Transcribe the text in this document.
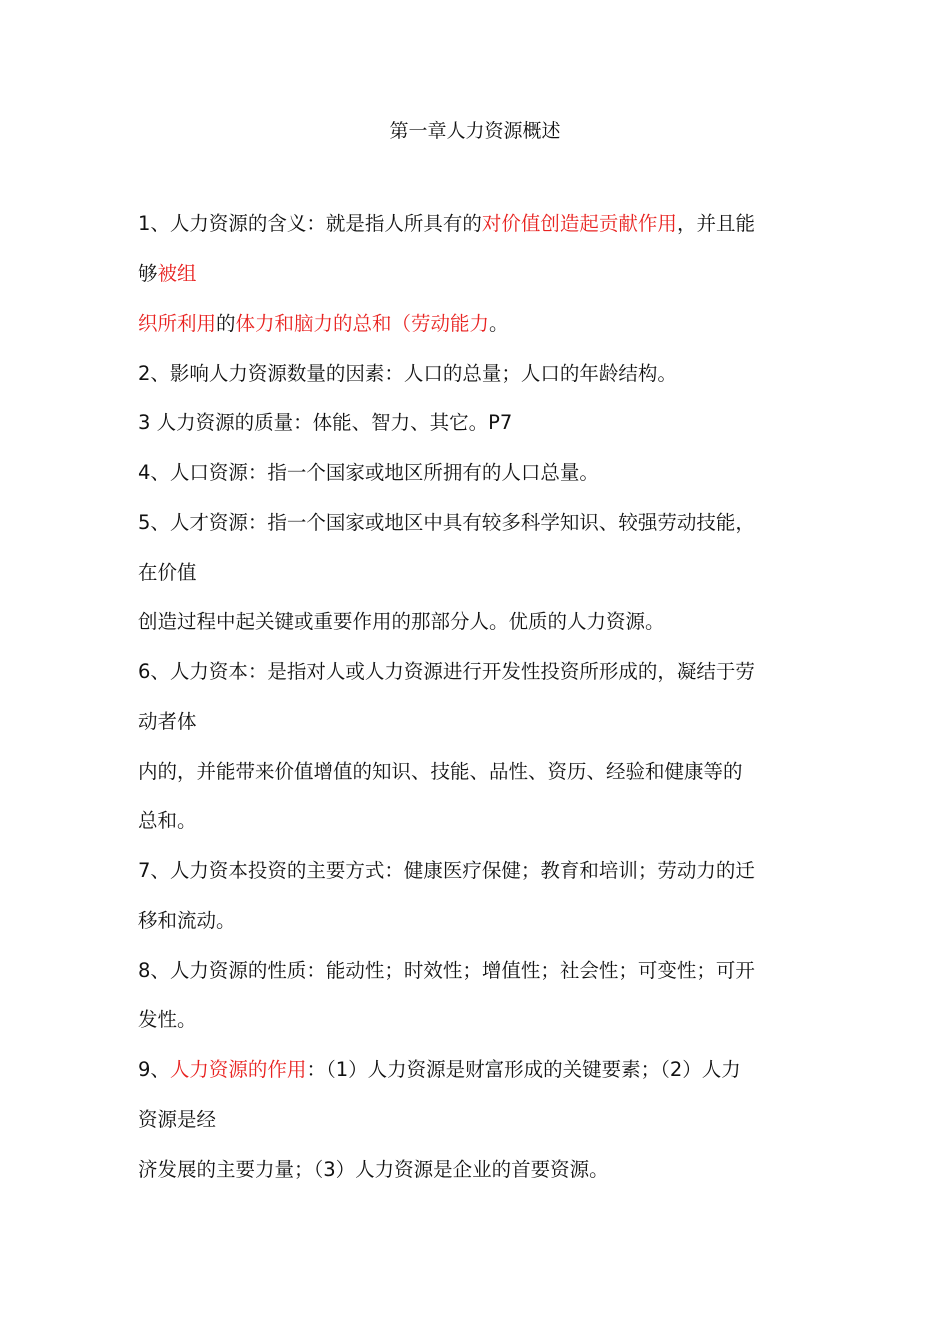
第一章人力资源概述
1、人力资源的含义：就是指人所具有的对价值创造起贡献作用，并且能
够被组
织所利用的体力和脑力的总和（劳动能力。
2、影响人力资源数量的因素：人口的总量；人口的年龄结构。
3 人力资源的质量：体能、智力、其它。P7
4、人口资源：指一个国家或地区所拥有的人口总量。
5、人才资源：指一个国家或地区中具有较多科学知识、较强劳动技能，
在价值
创造过程中起关键或重要作用的那部分人。优质的人力资源。
6、人力资本：是指对人或人力资源进行开发性投资所形成的，凝结于劳
动者体
内的，并能带来价值增值的知识、技能、品性、资历、经验和健康等的
总和。
7、人力资本投资的主要方式：健康医疗保健；教育和培训；劳动力的迁
移和流动。
8、人力资源的性质：能动性；时效性；增值性；社会性；可变性；可开
发性。
9、人力资源的作用：（1）人力资源是财富形成的关键要素；（2）人力
资源是经
济发展的主要力量；（3）人力资源是企业的首要资源。
